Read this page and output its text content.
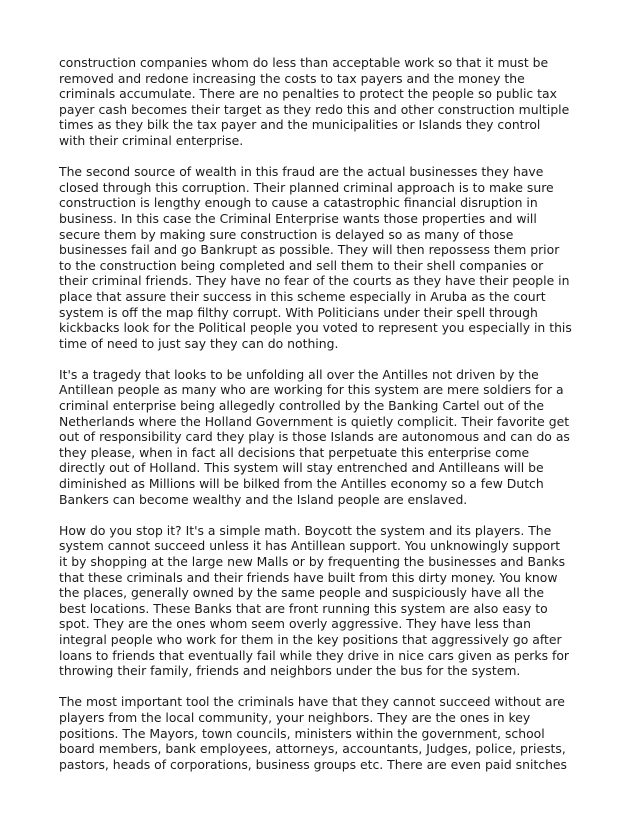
construction companies whom do less than acceptable work so that it must be
removed and redone increasing the costs to tax payers and the money the
criminals accumulate. There are no penalties to protect the people so public tax
payer cash becomes their target as they redo this and other construction multiple
times as they bilk the tax payer and the municipalities or Islands they control
with their criminal enterprise.
The second source of wealth in this fraud are the actual businesses they have
closed through this corruption. Their planned criminal approach is to make sure
construction is lengthy enough to cause a catastrophic financial disruption in
business. In this case the Criminal Enterprise wants those properties and will
secure them by making sure construction is delayed so as many of those
businesses fail and go Bankrupt as possible. They will then repossess them prior
to the construction being completed and sell them to their shell companies or
their criminal friends. They have no fear of the courts as they have their people in
place that assure their success in this scheme especially in Aruba as the court
system is off the map filthy corrupt. With Politicians under their spell through
kickbacks look for the Political people you voted to represent you especially in this
time of need to just say they can do nothing.
It's a tragedy that looks to be unfolding all over the Antilles not driven by the
Antillean people as many who are working for this system are mere soldiers for a
criminal enterprise being allegedly controlled by the Banking Cartel out of the
Netherlands where the Holland Government is quietly complicit. Their favorite get
out of responsibility card they play is those Islands are autonomous and can do as
they please, when in fact all decisions that perpetuate this enterprise come
directly out of Holland. This system will stay entrenched and Antilleans will be
diminished as Millions will be bilked from the Antilles economy so a few Dutch
Bankers can become wealthy and the Island people are enslaved.
How do you stop it? It's a simple math. Boycott the system and its players. The
system cannot succeed unless it has Antillean support. You unknowingly support
it by shopping at the large new Malls or by frequenting the businesses and Banks
that these criminals and their friends have built from this dirty money. You know
the places, generally owned by the same people and suspiciously have all the
best locations. These Banks that are front running this system are also easy to
spot. They are the ones whom seem overly aggressive. They have less than
integral people who work for them in the key positions that aggressively go after
loans to friends that eventually fail while they drive in nice cars given as perks for
throwing their family, friends and neighbors under the bus for the system.
The most important tool the criminals have that they cannot succeed without are
players from the local community, your neighbors. They are the ones in key
positions. The Mayors, town councils, ministers within the government, school
board members, bank employees, attorneys, accountants, Judges, police, priests,
pastors, heads of corporations, business groups etc. There are even paid snitches
